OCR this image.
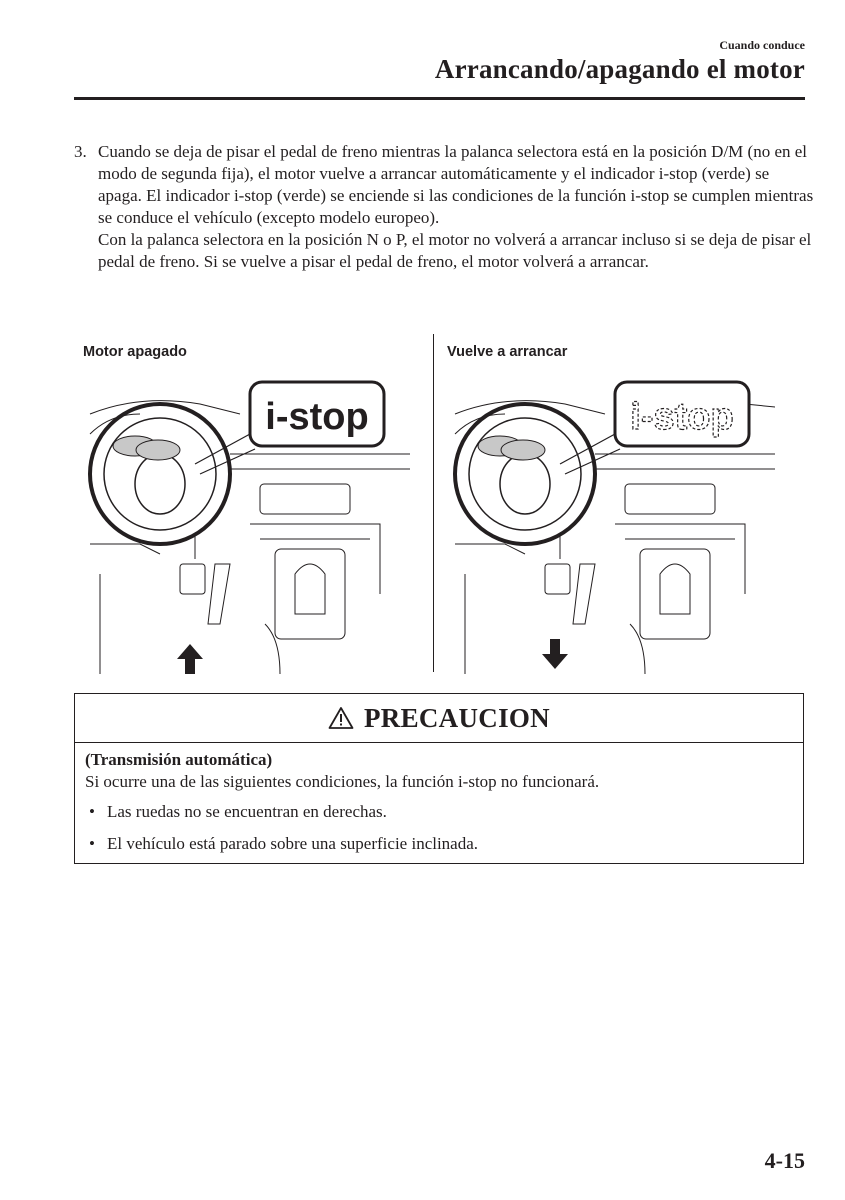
Cuando conduce
Arrancando/apagando el motor
3. Cuando se deja de pisar el pedal de freno mientras la palanca selectora está en la posición D/M (no en el modo de segunda fija), el motor vuelve a arrancar automáticamente y el indicador i-stop (verde) se apaga. El indicador i-stop (verde) se enciende si las condiciones de la función i-stop se cumplen mientras se conduce el vehículo (excepto modelo europeo).

Con la palanca selectora en la posición N o P, el motor no volverá a arrancar incluso si se deja de pisar el pedal de freno. Si se vuelve a pisar el pedal de freno, el motor volverá a arrancar.

Motor apagado	Vuelve a arrancar
i-stop	i-stop
PRECAUCION
(Transmisión automática)
Si ocurre una de las siguientes condiciones, la función i-stop no funcionará.
• Las ruedas no se encuentran en derechas.
• El vehículo está parado sobre una superficie inclinada.
4-15
